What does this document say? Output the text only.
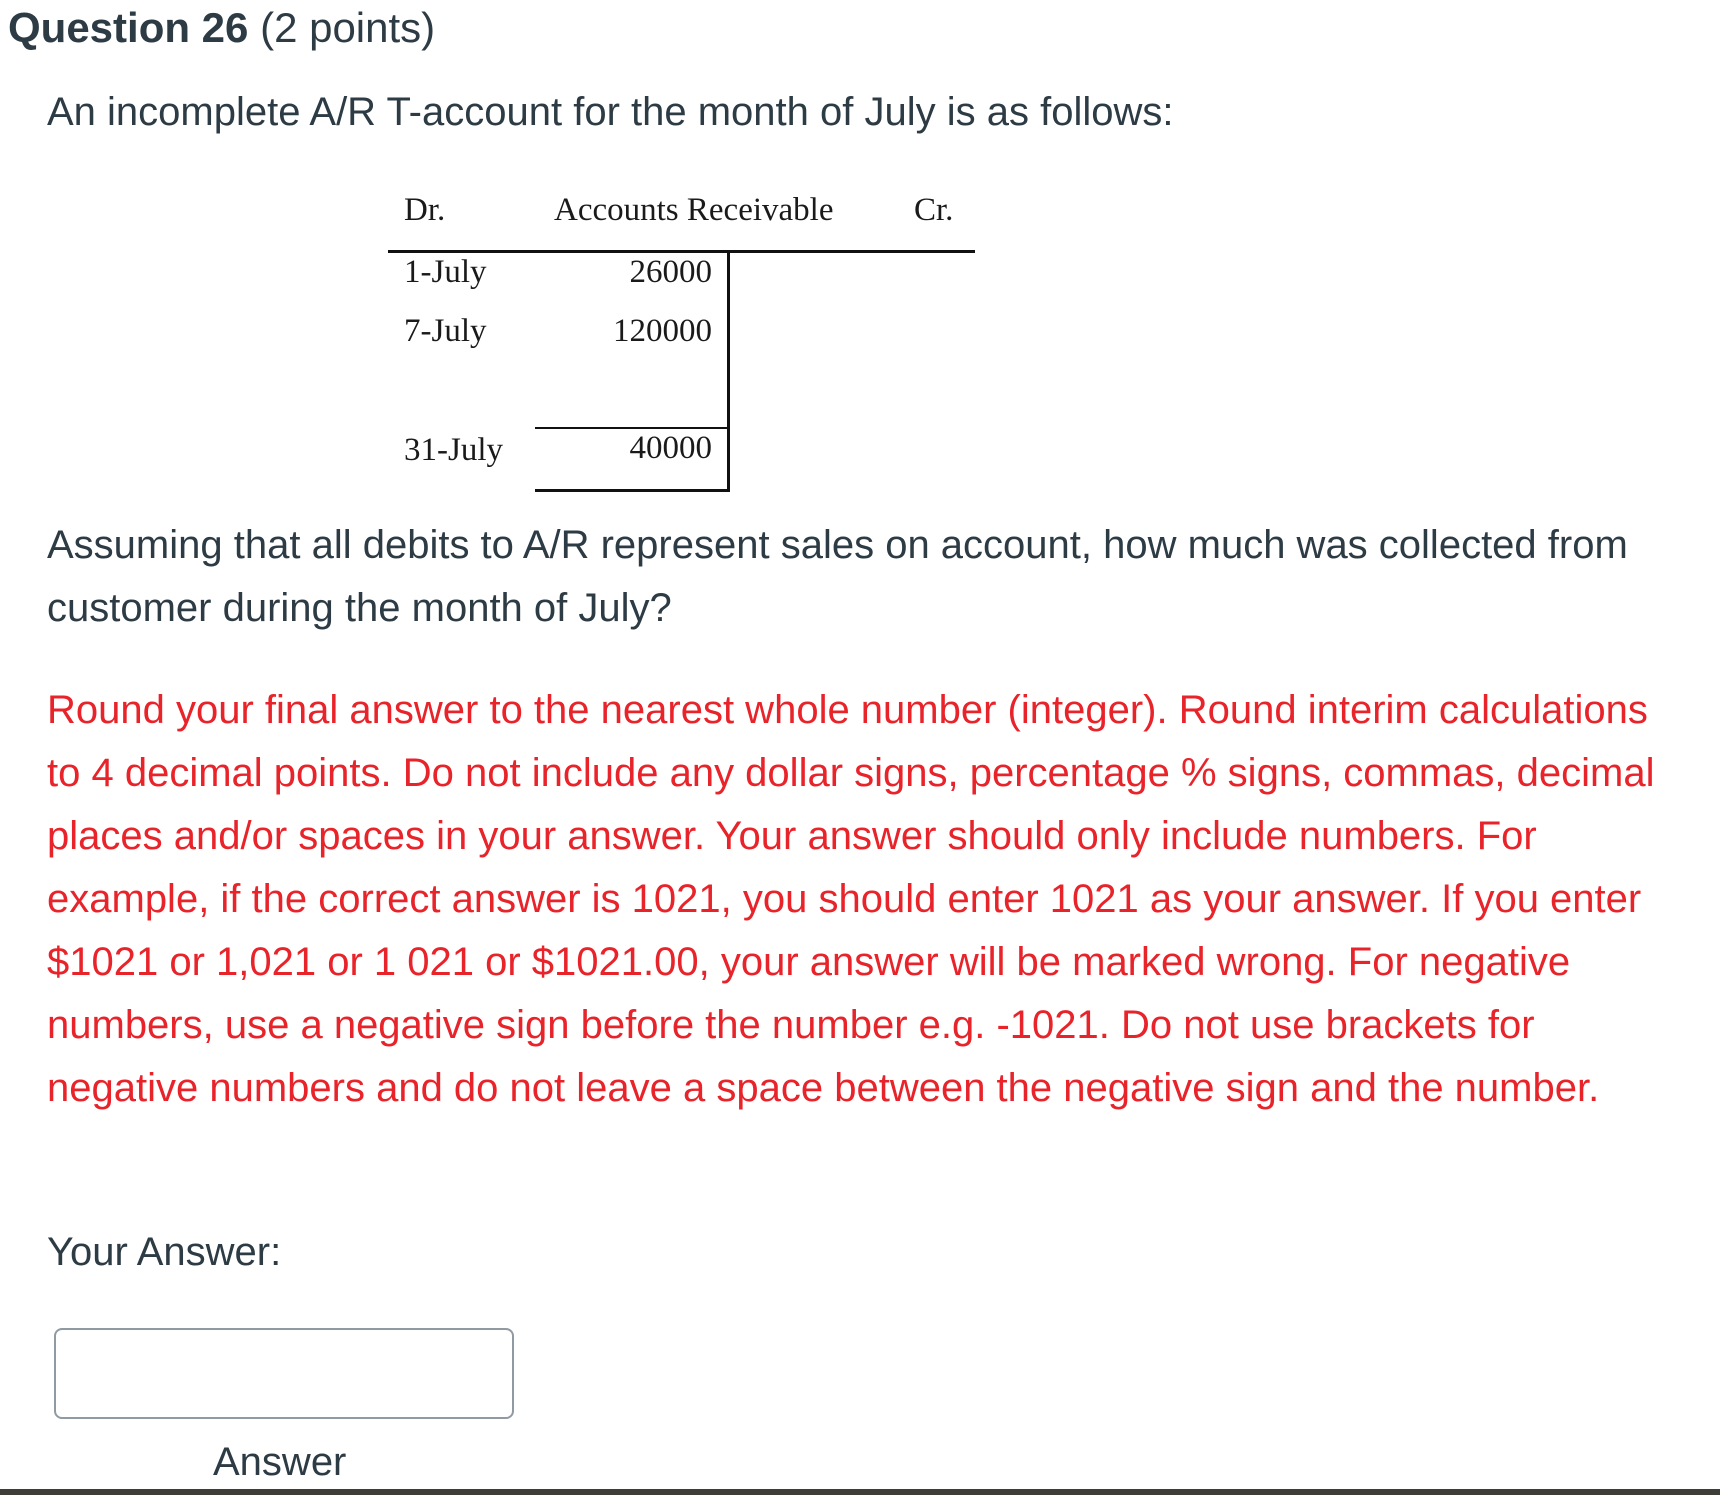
Question 26 (2 points)
An incomplete A/R T-account for the month of July is as follows:
Dr.	Accounts Receivable Cr.
1-July	26000
7-July	120000
31-July	40000

Assuming that all debits to A/R represent sales on account, how much was collected from customer during the month of July?

Round your final answer to the nearest whole number (integer). Round interim calculations to 4 decimal points. Do not include any dollar signs, percentage % signs, commas, decimal places and/or spaces in your answer. Your answer should only include numbers. For example, if the correct answer is 1021, you should enter 1021 as your answer. If you enter $1021 or 1,021 or 1 021 or $1021.00, your answer will be marked wrong. For negative numbers, use a negative sign before the number e.g. -1021. Do not use brackets for negative numbers and do not leave a space between the negative sign and the number.

Your Answer:
Answer
